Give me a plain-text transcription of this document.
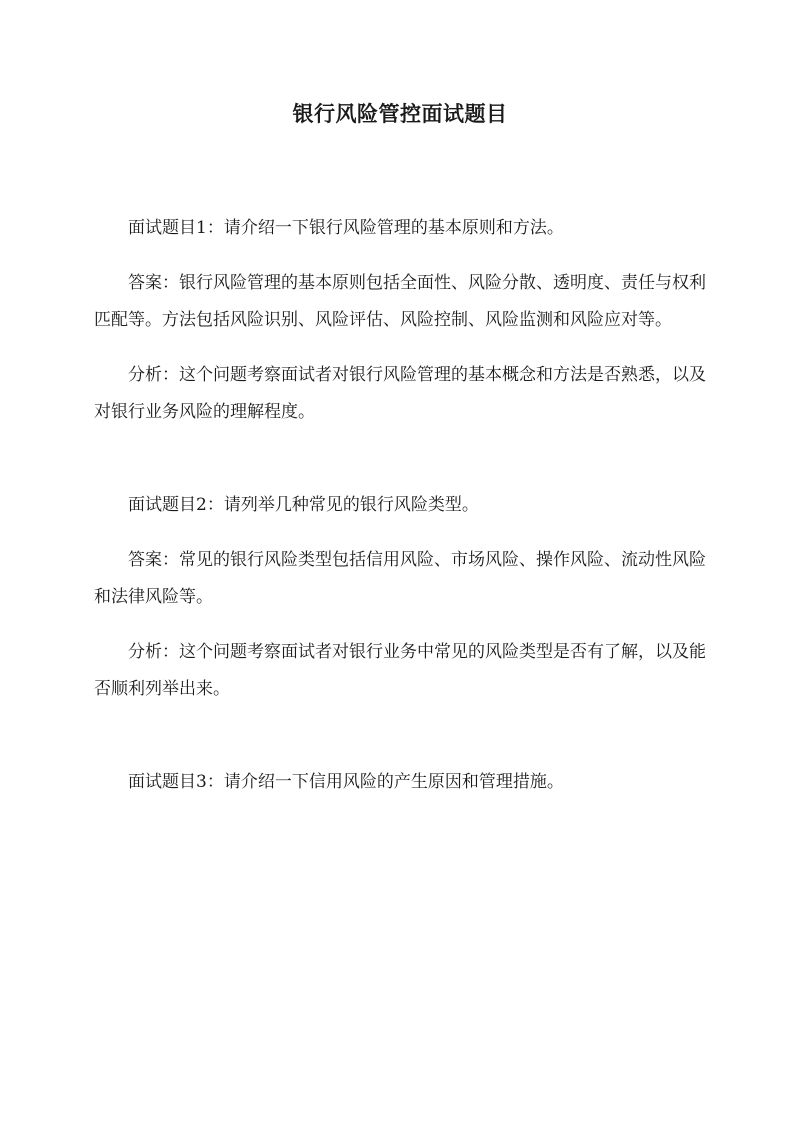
银行风险管控面试题目

面试题目1：请介绍一下银行风险管理的基本原则和方法。

答案：银行风险管理的基本原则包括全面性、风险分散、透明度、责任与权利匹配等。方法包括风险识别、风险评估、风险控制、风险监测和风险应对等。

分析：这个问题考察面试者对银行风险管理的基本概念和方法是否熟悉，以及对银行业务风险的理解程度。

面试题目2：请列举几种常见的银行风险类型。

答案：常见的银行风险类型包括信用风险、市场风险、操作风险、流动性风险和法律风险等。

分析：这个问题考察面试者对银行业务中常见的风险类型是否有了解，以及能否顺利列举出来。

面试题目3：请介绍一下信用风险的产生原因和管理措施。
